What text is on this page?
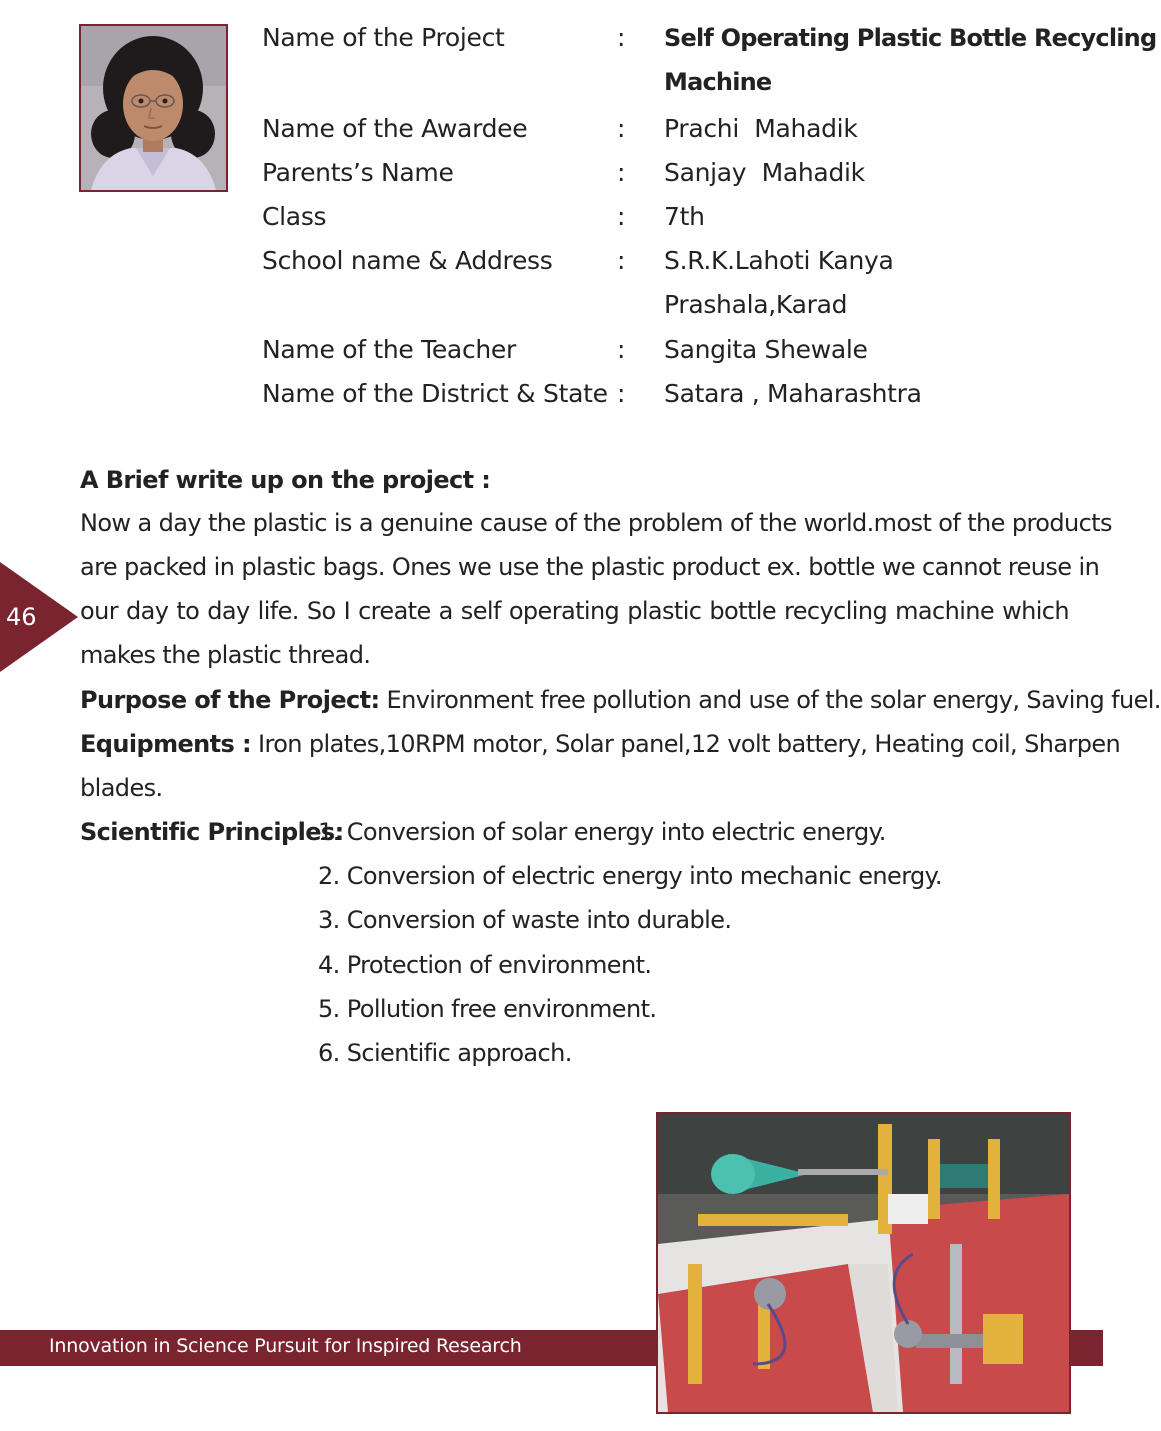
Name of the Project	: Self Operating Plastic Bottle Recycling
Machine
Name of the Awardee	: Prachi  Mahadik
Parents’s Name	: Sanjay  Mahadik
Class	: 7th
School name & Address	: S.R.K.Lahoti Kanya
Prashala,Karad
Name of the Teacher	: Sangita Shewale
Name of the District & State : Satara , Maharashtra
A Brief write up on the project :
Now a day the plastic is a genuine cause of the problem of the world.most of the products
are packed in plastic bags. Ones we use the plastic product ex. bottle we cannot reuse in
our day to day life. So I create a self operating plastic bottle recycling machine which
makes the plastic thread.
Purpose of the Project: Environment free pollution and use of the solar energy, Saving fuel.
Equipments : Iron plates,10RPM motor, Solar panel,12 volt battery, Heating coil, Sharpen
blades.
Scientific Principles:
1. Conversion of solar energy into electric energy.
2. Conversion of electric energy into mechanic energy.
3. Conversion of waste into durable.
4. Protection of environment.
5. Pollution free environment.
6. Scientific approach.
46
Innovation in Science Pursuit for Inspired Research
